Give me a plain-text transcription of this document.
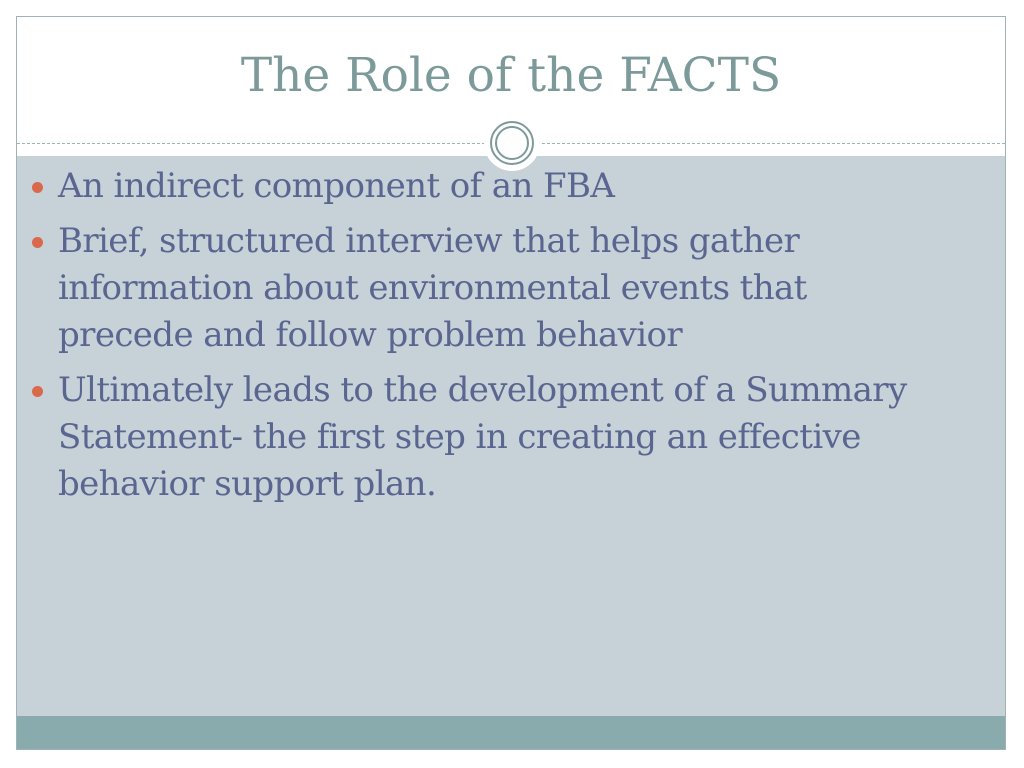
The Role of the FACTS
An indirect component of an FBA
Brief, structured interview that helps gather information about environmental events that precede and follow problem behavior
Ultimately leads to the development of a Summary Statement- the first step in creating an effective behavior support plan.
